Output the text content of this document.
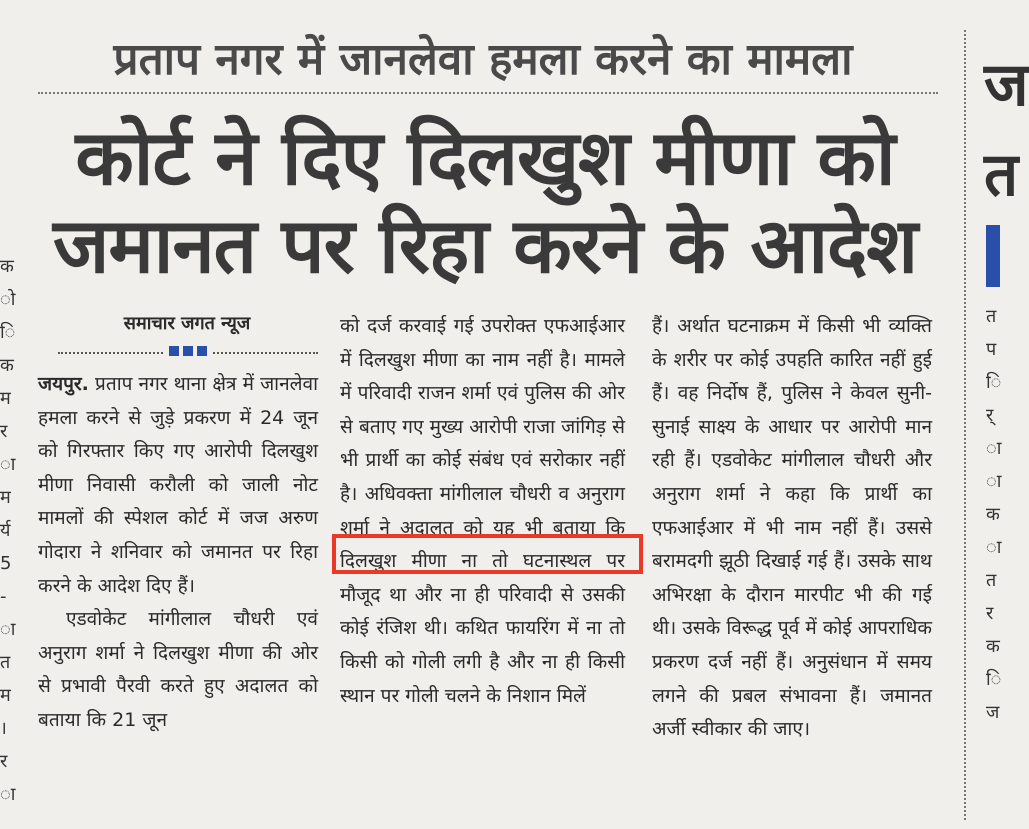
प्रताप नगर में जानलेवा हमला करने का मामला
कोर्ट ने दिए दिलखुश मीणा को
जमानत पर रिहा करने के आदेश
समाचार जगत न्यूज

जयपुर. प्रताप नगर थाना क्षेत्र में जानलेवा हमला करने से जुड़े प्रकरण में 24 जून को गिरफ्तार किए गए आरोपी दिलखुश मीणा निवासी करौली को जाली नोट मामलों की स्पेशल कोर्ट में जज अरुण गोदारा ने शनिवार को जमानत पर रिहा करने के आदेश दिए हैं।

एडवोकेट मांगीलाल चौधरी एवं अनुराग शर्मा ने दिलखुश मीणा की ओर से प्रभावी पैरवी करते हुए अदालत को बताया कि 21 जून

को दर्ज करवाई गई उपरोक्त एफआईआर में दिलखुश मीणा का नाम नहीं है। मामले में परिवादी राजन शर्मा एवं पुलिस की ओर से बताए गए मुख्य आरोपी राजा जांगिड़ से भी प्रार्थी का कोई संबंध एवं सरोकार नहीं है। अधिवक्ता मांगीलाल चौधरी व अनुराग शर्मा ने अदालत को यह भी बताया कि दिलखुश मीणा ना तो घटनास्थल पर मौजूद था और ना ही परिवादी से उसकी कोई रंजिश थी। कथित फायरिंग में ना तो किसी को गोली लगी है और ना ही किसी स्थान पर गोली चलने के निशान मिलें

हैं। अर्थात घटनाक्रम में किसी भी व्यक्ति के शरीर पर कोई उपहति कारित नहीं हुई हैं। वह निर्दोष हैं, पुलिस ने केवल सुनी-सुनाई साक्ष्य के आधार पर आरोपी मान रही हैं। एडवोकेट मांगीलाल चौधरी और अनुराग शर्मा ने कहा कि प्रार्थी का एफआईआर में भी नाम नहीं हैं। उससे बरामदगी झूठी दिखाई गई हैं। उसके साथ अभिरक्षा के दौरान मारपीट भी की गई थी। उसके विरूद्ध पूर्व में कोई आपराधिक प्रकरण दर्ज नहीं हैं। अनुसंधान में समय लगने की प्रबल संभावना हैं। जमानत अर्जी स्वीकार की जाए।

क
ो
ि
क
म
र
ा
म
र्य
5
-
ा
त
म
।
र
ा
त
प
ि
र्
ा
ा
क
ा
त
र
क
ि
ज
ज
त
